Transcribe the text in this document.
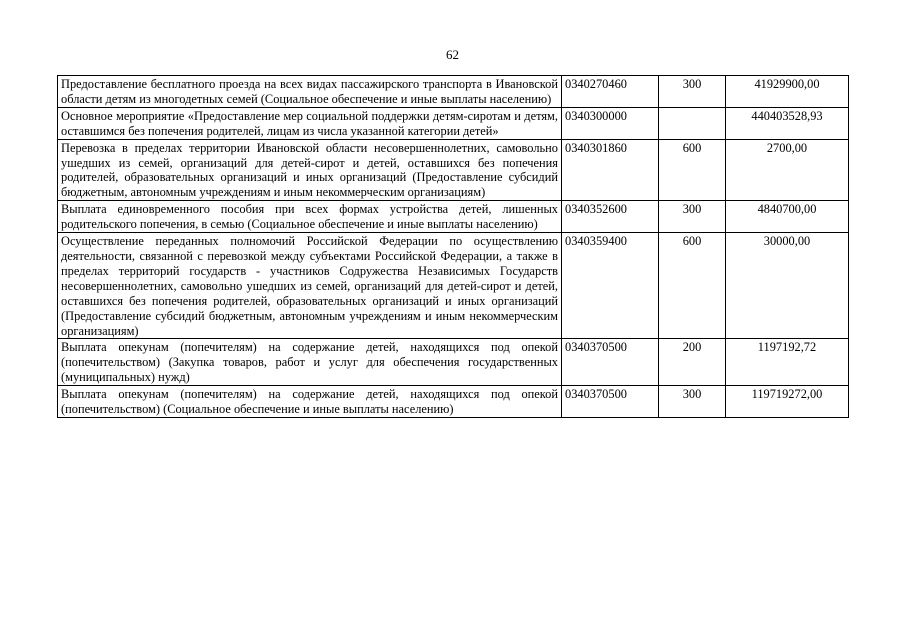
62
Предоставление бесплатного проезда на всех видах пассажирского транспорта в Ивановской области детям из многодетных семей (Социальное обеспечение и иные выплаты населению)	0340270460	300	41929900,00
Основное мероприятие «Предоставление мер социальной поддержки детям-сиротам и детям, оставшимся без попечения родителей, лицам из числа указанной категории детей»	0340300000		440403528,93
Перевозка в пределах территории Ивановской области несовершеннолетних, самовольно ушедших из семей, организаций для детей-сирот и детей, оставшихся без попечения родителей, образовательных организаций и иных организаций (Предоставление субсидий бюджетным, автономным учреждениям и иным некоммерческим организациям)	0340301860	600	2700,00
Выплата единовременного пособия при всех формах устройства детей, лишенных родительского попечения, в семью (Социальное обеспечение и иные выплаты населению)	0340352600	300	4840700,00
Осуществление переданных полномочий Российской Федерации по осуществлению деятельности, связанной с перевозкой между субъектами Российской Федерации, а также в пределах территорий государств - участников Содружества Независимых Государств несовершеннолетних, самовольно ушедших из семей, организаций для детей-сирот и детей, оставшихся без попечения родителей, образовательных организаций и иных организаций (Предоставление субсидий бюджетным, автономным учреждениям и иным некоммерческим организациям)	0340359400	600	30000,00
Выплата опекунам (попечителям) на содержание детей, находящихся под опекой (попечительством) (Закупка товаров, работ и услуг для обеспечения государственных (муниципальных) нужд)	0340370500	200	1197192,72
Выплата опекунам (попечителям) на содержание детей, находящихся под опекой (попечительством) (Социальное обеспечение и иные выплаты населению)	0340370500	300	119719272,00
